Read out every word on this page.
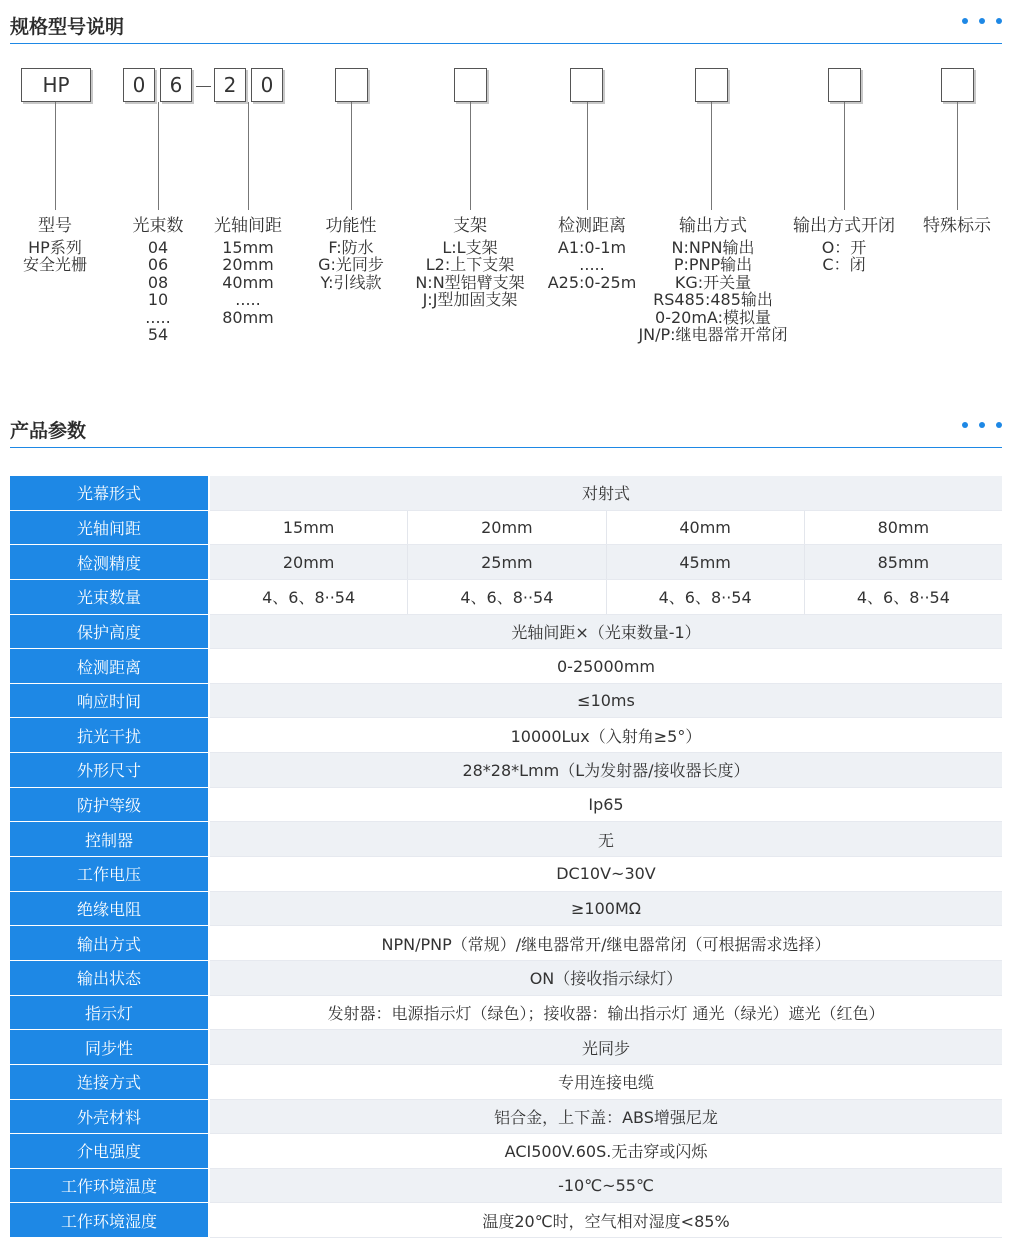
规格型号说明
HP	0	6	2	0
型号
HP系列
安全光栅
光束数
04
06
08
10
.....
54
光轴间距
15mm
20mm
40mm
.....
80mm
功能性
F:防水
G:光同步
Y:引线款
支架
L:L支架
L2:上下支架
N:N型铝臂支架
J:J型加固支架
检测距离
A1:0-1m
.....
A25:0-25m
输出方式
N:NPN输出
P:PNP输出
KG:开关量
RS485:485输出
0-20mA:模拟量
JN/P:继电器常开常闭
输出方式开闭
O：开
C：闭
特殊标示
产品参数
光幕形式	对射式
光轴间距	15mm	20mm	40mm	80mm
检测精度	20mm	25mm	45mm	85mm
光束数量	4、6、8··54	4、6、8··54	4、6、8··54	4、6、8··54
保护高度	光轴间距×（光束数量-1）
检测距离	0-25000mm
响应时间	≤10ms
抗光干扰	10000Lux（入射角≥5°）
外形尺寸	28*28*Lmm（L为发射器/接收器长度）
防护等级	Ip65
控制器	无
工作电压	DC10V~30V
绝缘电阻	≥100MΩ
输出方式	NPN/PNP（常规）/继电器常开/继电器常闭（可根据需求选择）
输出状态	ON（接收指示绿灯）
指示灯	发射器：电源指示灯（绿色）；接收器：输出指示灯 通光（绿光）遮光（红色）
同步性	光同步
连接方式	专用连接电缆
外壳材料	铝合金，上下盖：ABS增强尼龙
介电强度	ACI500V.60S.无击穿或闪烁
工作环境温度	-10℃~55℃
工作环境湿度	温度20℃时，空气相对湿度<85%
